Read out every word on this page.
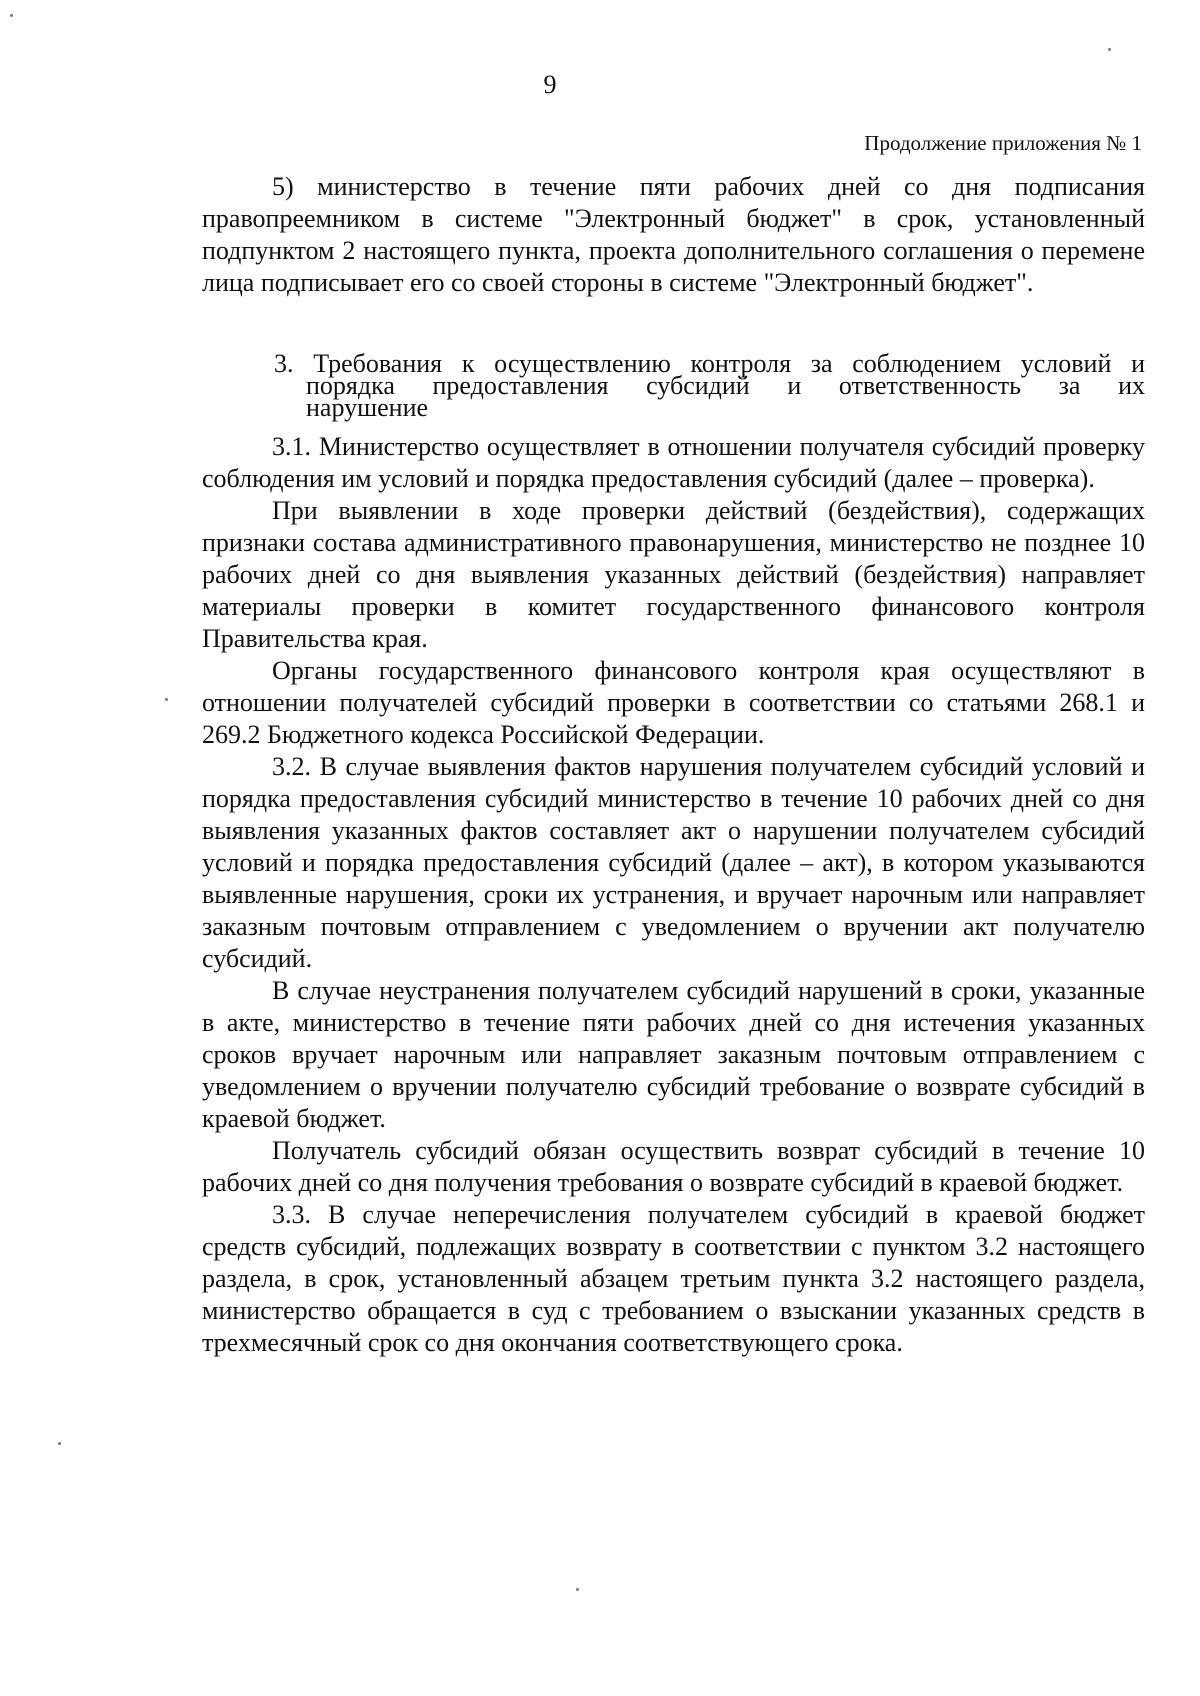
9
Продолжение приложения № 1

5) министерство в течение пяти рабочих дней со дня подписания правопреемником в системе "Электронный бюджет" в срок, установленный подпунктом 2 настоящего пункта, проекта дополнительного соглашения о перемене лица подписывает его со своей стороны в системе "Электронный бюджет".

3. Требования к осуществлению контроля за соблюдением условий и
порядка предоставления субсидий и ответственность за их
нарушение

3.1. Министерство осуществляет в отношении получателя субсидий проверку соблюдения им условий и порядка предоставления субсидий (далее – проверка).

При выявлении в ходе проверки действий (бездействия), содержащих признаки состава административного правонарушения, министерство не позднее 10 рабочих дней со дня выявления указанных действий (бездействия) направляет материалы проверки в комитет государственного финансового контроля Правительства края.

Органы государственного финансового контроля края осуществляют в отношении получателей субсидий проверки в соответствии со статьями 268.1 и 269.2 Бюджетного кодекса Российской Федерации.

3.2. В случае выявления фактов нарушения получателем субсидий условий и порядка предоставления субсидий министерство в течение 10 рабочих дней со дня выявления указанных фактов составляет акт о нарушении получателем субсидий условий и порядка предоставления субсидий (далее – акт), в котором указываются выявленные нарушения, сроки их устранения, и вручает нарочным или направляет заказным почтовым отправлением с уведомлением о вручении акт получателю субсидий.

В случае неустранения получателем субсидий нарушений в сроки, указанные в акте, министерство в течение пяти рабочих дней со дня истечения указанных сроков вручает нарочным или направляет заказным почтовым отправлением с уведомлением о вручении получателю субсидий требование о возврате субсидий в краевой бюджет.

Получатель субсидий обязан осуществить возврат субсидий в течение 10 рабочих дней со дня получения требования о возврате субсидий в краевой бюджет.

3.3. В случае неперечисления получателем субсидий в краевой бюджет средств субсидий, подлежащих возврату в соответствии с пунктом 3.2 настоящего раздела, в срок, установленный абзацем третьим пункта 3.2 настоящего раздела, министерство обращается в суд с требованием о взыскании указанных средств в трехмесячный срок со дня окончания соответствующего срока.
